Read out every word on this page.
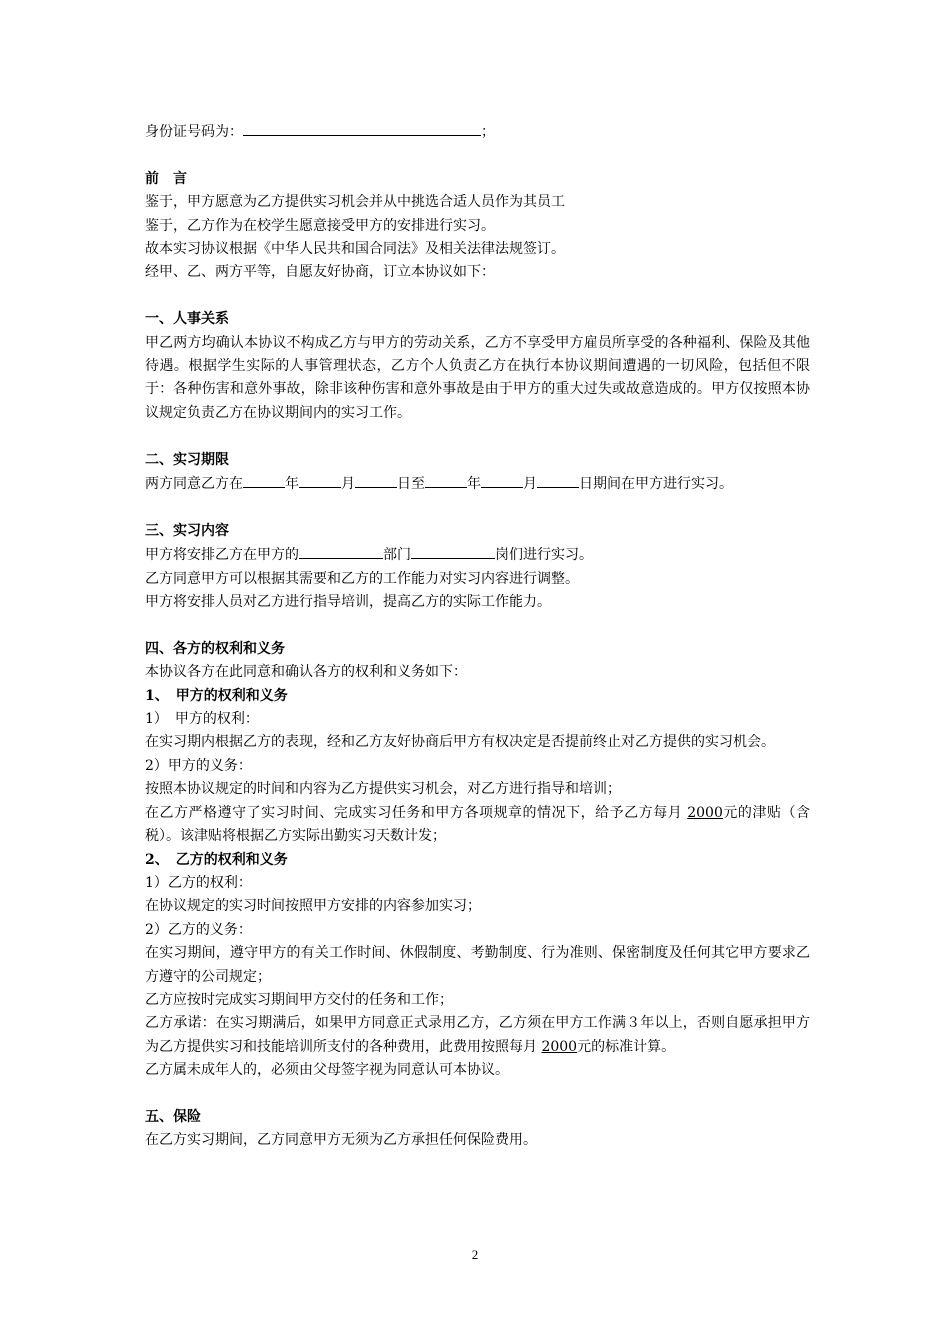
身份证号码为：	；

前　言

鉴于，甲方愿意为乙方提供实习机会并从中挑选合适人员作为其员工

鉴于，乙方作为在校学生愿意接受甲方的安排进行实习。

故本实习协议根据《中华人民共和国合同法》及相关法律法规签订。

经甲、乙、两方平等，自愿友好协商，订立本协议如下：

一、人事关系

甲乙两方均确认本协议不构成乙方与甲方的劳动关系，乙方不享受甲方雇员所享受的各种福利、保险及其他待遇。根据学生实际的人事管理状态，乙方个人负责乙方在执行本协议期间遭遇的一切风险，包括但不限于：各种伤害和意外事故，除非该种伤害和意外事故是由于甲方的重大过失或故意造成的。甲方仅按照本协议规定负责乙方在协议期间内的实习工作。

二、实习期限

两方同意乙方在	年	月	日至	年	月	日期间在甲方进行实习。

三、实习内容

甲方将安排乙方在甲方的	部门	岗们进行实习。

乙方同意甲方可以根据其需要和乙方的工作能力对实习内容进行调整。

甲方将安排人员对乙方进行指导培训，提高乙方的实际工作能力。

四、各方的权利和义务

本协议各方在此同意和确认各方的权利和义务如下：

1、　甲方的权利和义务

1）　甲方的权利：

在实习期内根据乙方的表现，经和乙方友好协商后甲方有权决定是否提前终止对乙方提供的实习机会。

2）甲方的义务：

按照本协议规定的时间和内容为乙方提供实习机会，对乙方进行指导和培训；

在乙方严格遵守了实习时间、完成实习任务和甲方各项规章的情况下，给予乙方每月 2000元的津贴（含税）。该津贴将根据乙方实际出勤实习天数计发；

2、　乙方的权利和义务

1）乙方的权利：

在协议规定的实习时间按照甲方安排的内容参加实习；

2）乙方的义务：

在实习期间，遵守甲方的有关工作时间、休假制度、考勤制度、行为准则、保密制度及任何其它甲方要求乙方遵守的公司规定；

乙方应按时完成实习期间甲方交付的任务和工作；

乙方承诺：在实习期满后，如果甲方同意正式录用乙方，乙方须在甲方工作满３年以上，否则自愿承担甲方为乙方提供实习和技能培训所支付的各种费用，此费用按照每月 2000元的标准计算。

乙方属未成年人的，必须由父母签字视为同意认可本协议。

五、保险

在乙方实习期间，乙方同意甲方无须为乙方承担任何保险费用。

2
